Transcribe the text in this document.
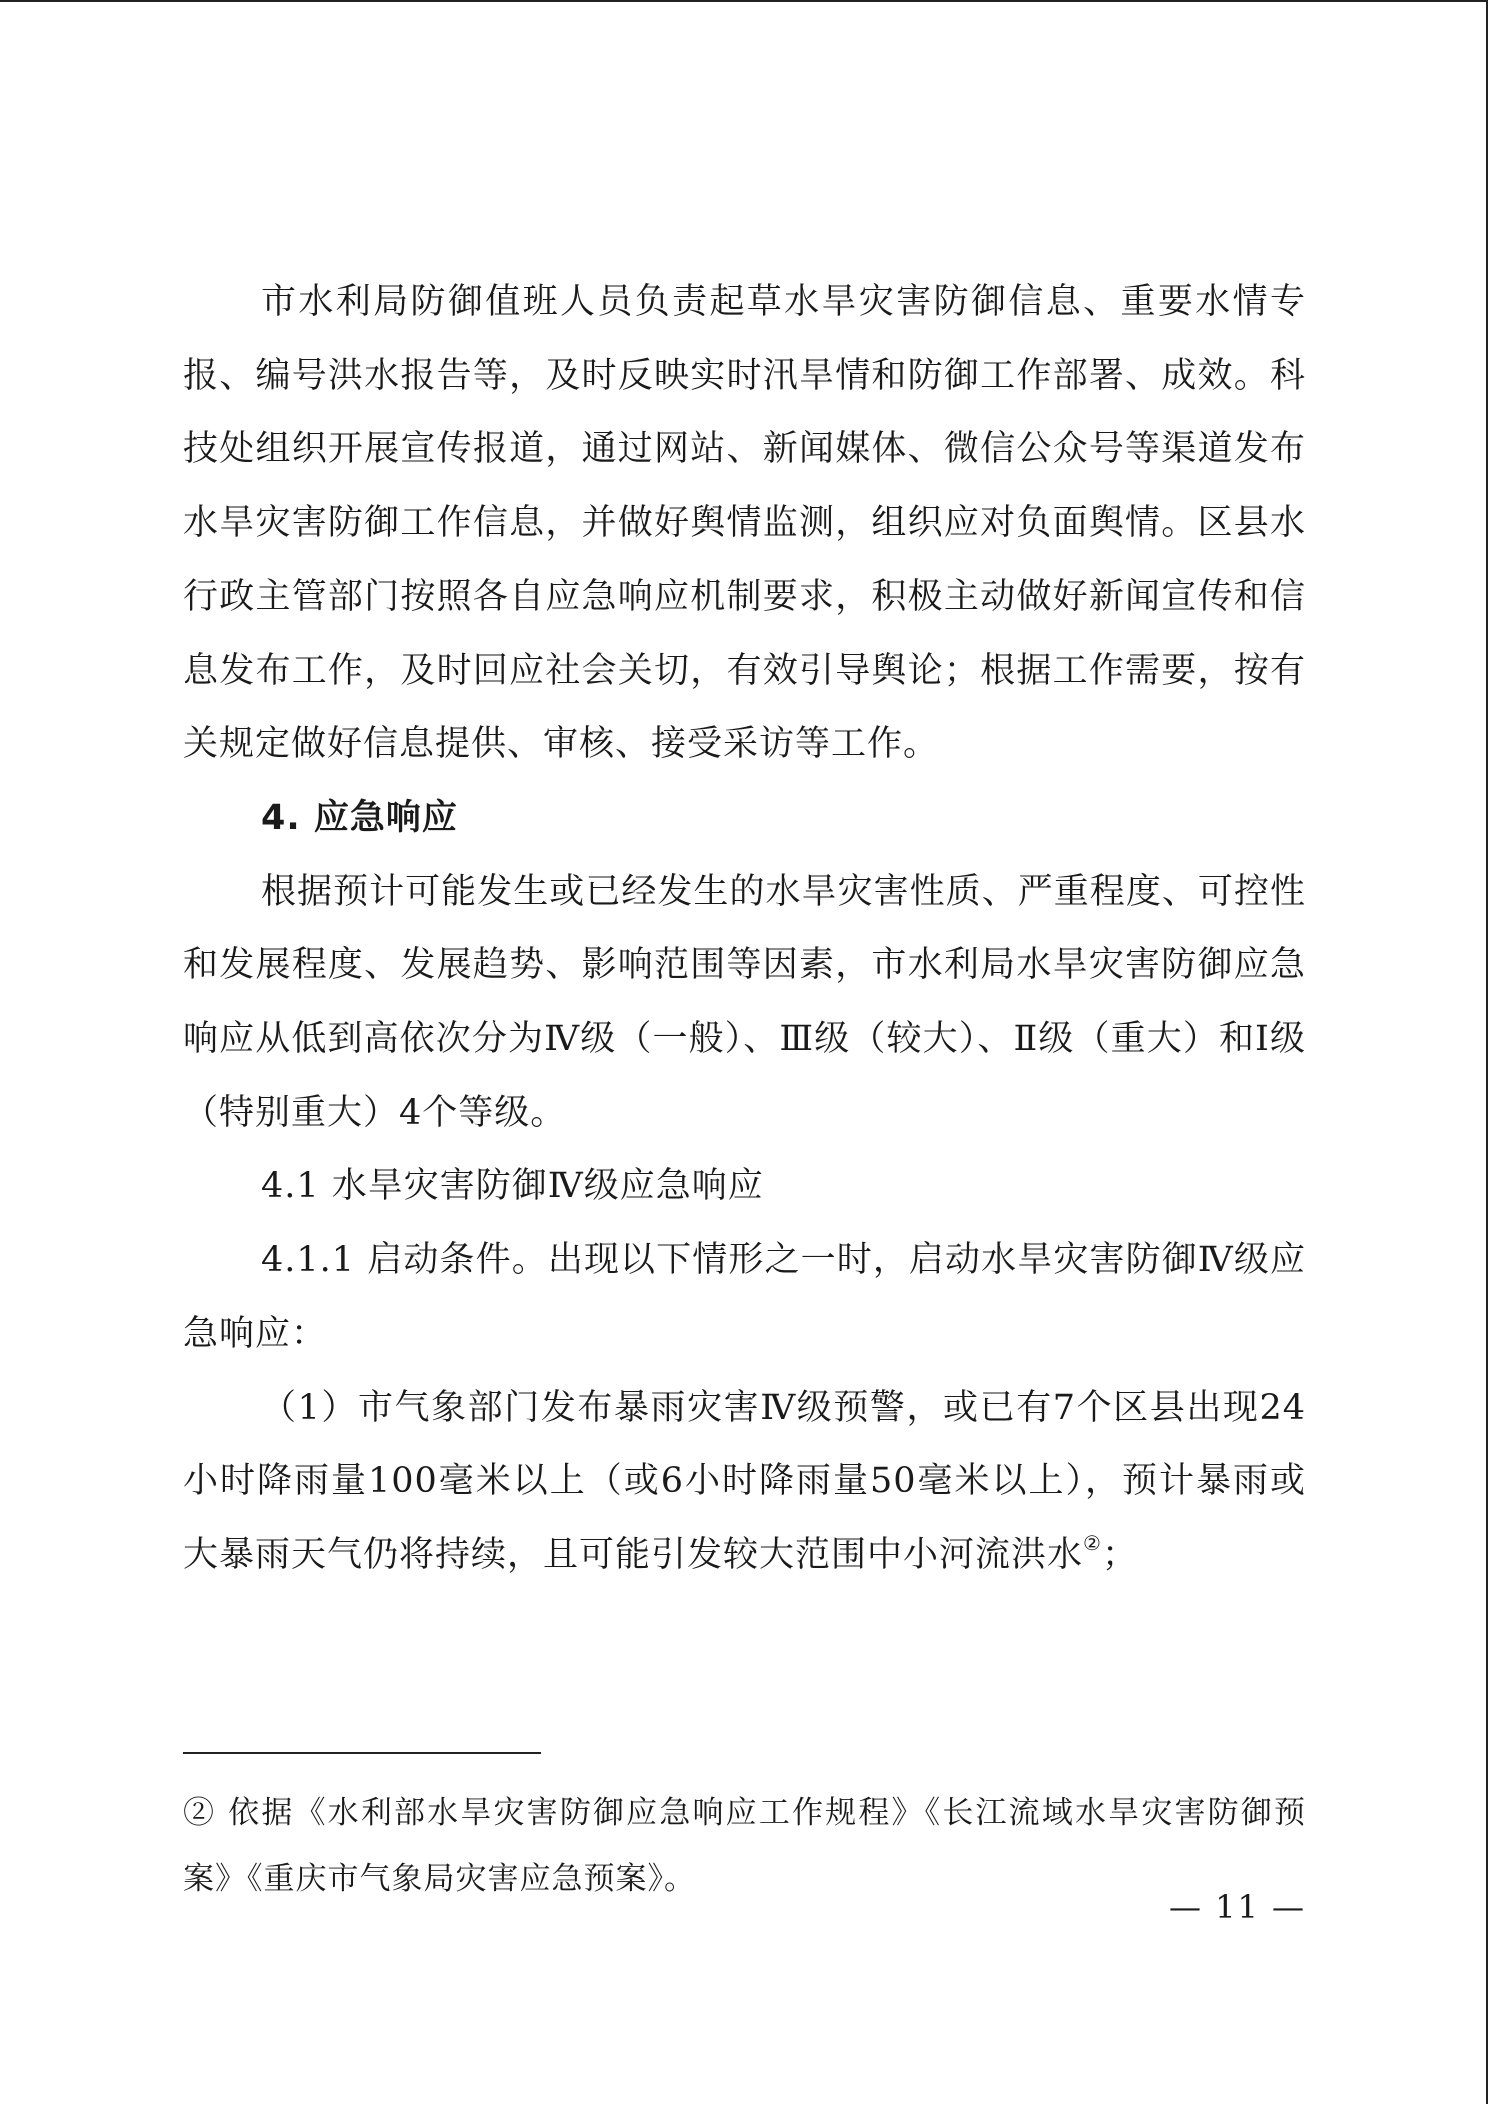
市水利局防御值班人员负责起草水旱灾害防御信息、重要水情专报、编号洪水报告等，及时反映实时汛旱情和防御工作部署、成效。科技处组织开展宣传报道，通过网站、新闻媒体、微信公众号等渠道发布水旱灾害防御工作信息，并做好舆情监测，组织应对负面舆情。区县水行政主管部门按照各自应急响应机制要求，积极主动做好新闻宣传和信息发布工作，及时回应社会关切，有效引导舆论；根据工作需要，按有关规定做好信息提供、审核、接受采访等工作。

4. 应急响应

根据预计可能发生或已经发生的水旱灾害性质、严重程度、可控性和发展程度、发展趋势、影响范围等因素，市水利局水旱灾害防御应急响应从低到高依次分为Ⅳ级（一般）、Ⅲ级（较大）、Ⅱ级（重大）和Ⅰ级（特别重大）4个等级。

4.1 水旱灾害防御Ⅳ级应急响应

4.1.1 启动条件。出现以下情形之一时，启动水旱灾害防御Ⅳ级应急响应：

（1）市气象部门发布暴雨灾害Ⅳ级预警，或已有7个区县出现24小时降雨量100毫米以上（或6小时降雨量50毫米以上），预计暴雨或大暴雨天气仍将持续，且可能引发较大范围中小河流洪水②；

② 依据《水利部水旱灾害防御应急响应工作规程》《长江流域水旱灾害防御预案》《重庆市气象局灾害应急预案》。

— 11 —
